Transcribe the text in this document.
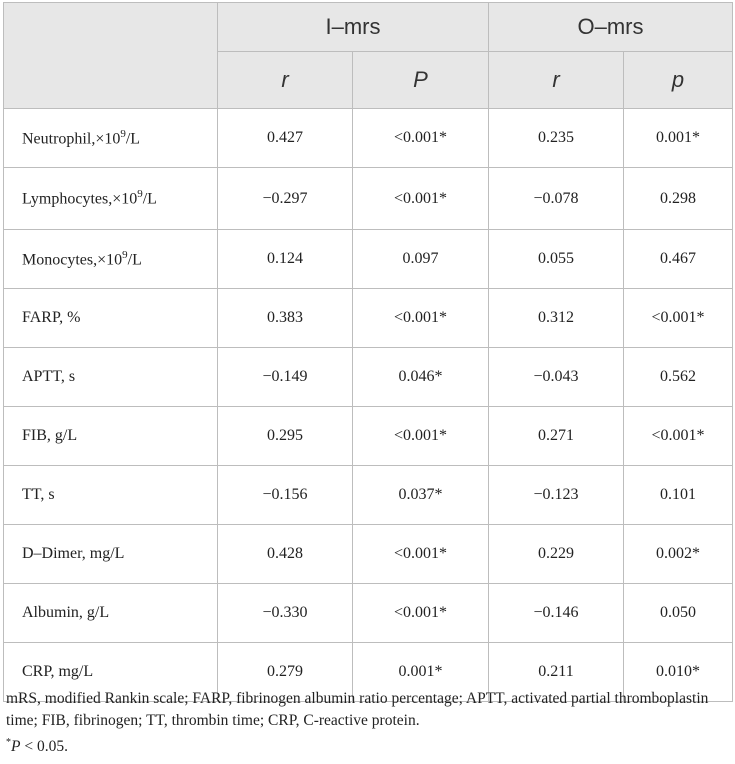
	I–mrs		O–mrs	
	r	P	r	p
$Neutrophil,\times 10^9/L$	0.427	<0.001*	0.235	0.001*
$Lymphocytes,\times 10^9/L$	−0.297	<0.001*	−0.078	0.298
$Monocytes,\times 10^9/L$	0.124	0.097	0.055	0.467
FARP, %	0.383	<0.001*	0.312	<0.001*
APTT, s	−0.149	0.046*	−0.043	0.562
FIB, g/L	0.295	<0.001*	0.271	<0.001*
TT, s	−0.156	0.037*	−0.123	0.101
D–Dimer, mg/L	0.428	<0.001*	0.229	0.002*
Albumin, g/L	−0.330	<0.001*	−0.146	0.050
CRP, mg/L	0.279	0.001*	0.211	0.010*

mRS, modified Rankin scale; FARP, fibrinogen albumin ratio percentage; APTT, activated partial thromboplastin time; FIB, fibrinogen; TT, thrombin time; CRP, C-reactive protein.

*P < 0.05.
